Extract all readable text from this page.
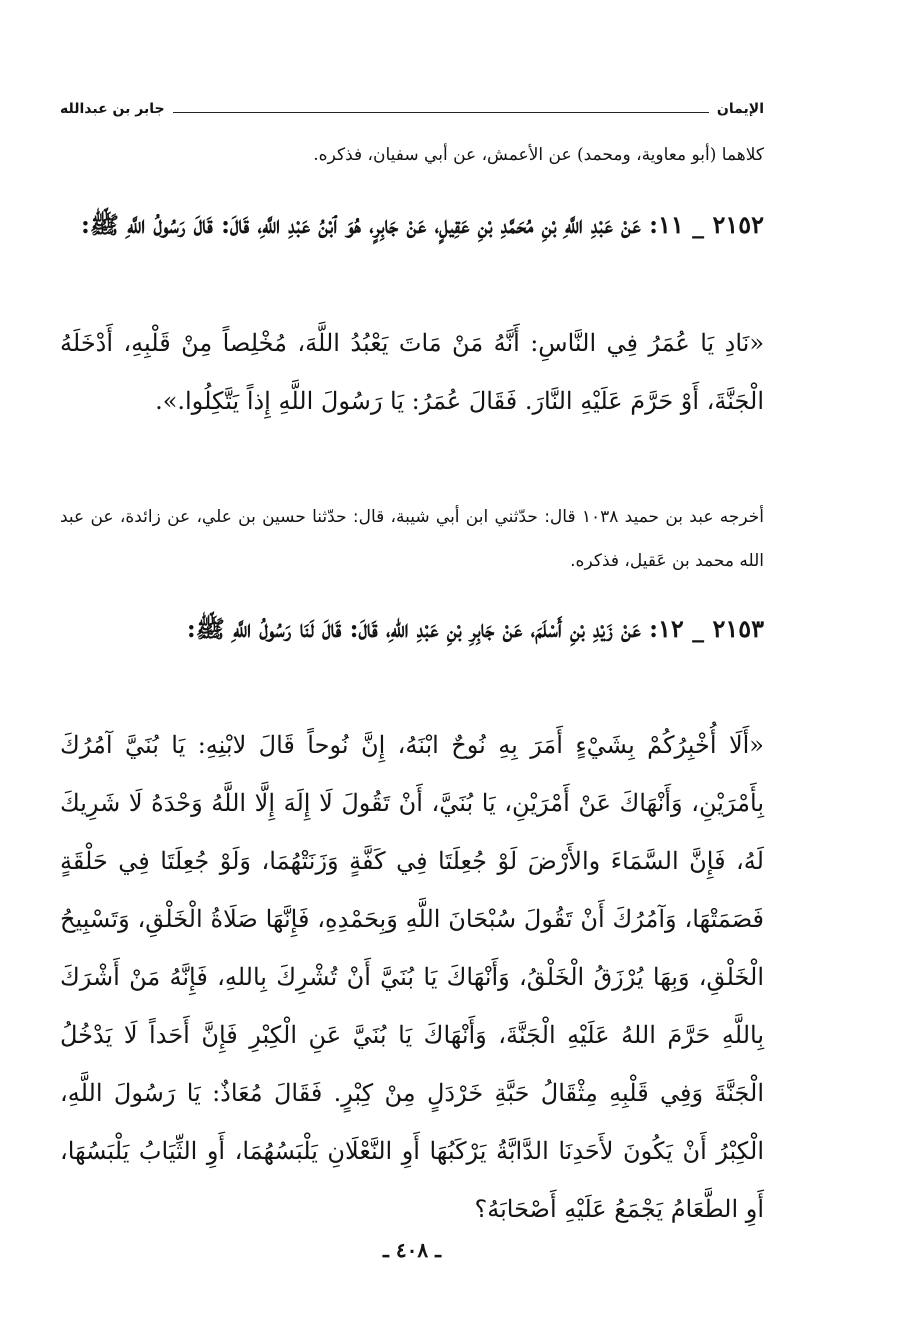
الإيمان
جابر بن عبدالله
كلاهما (أبو معاوية، ومحمد) عن الأعمش، عن أبي سفيان، فذكره.
٢١٥٢ _ ١١: عَنْ عَبْدِ اللَّهِ بْنِ مُحَمَّدِ بْنِ عَقِيلٍ، عَنْ جَابِرٍ، هُوَ ٱبْنُ عَبْدِ اللَّهِ، قَالَ: قَالَ رَسُولُ اللَّهِ ﷺ:
«نَادِ يَا عُمَرُ فِي النَّاسِ: أَنَّهُ مَنْ مَاتَ يَعْبُدُ اللَّهَ، مُخْلِصاً مِنْ قَلْبِهِ، أَدْخَلَهُ الْجَنَّةَ، أَوْ حَرَّمَ عَلَيْهِ النَّارَ. فَقَالَ عُمَرُ: يَا رَسُولَ اللَّهِ إِذاً يَتَّكِلُوا.».
أخرجه عبد بن حميد ١٠٣٨ قال: حدّثني ابن أبي شيبة، قال: حدّثنا حسين بن علي، عن زائدة، عن عبد الله محمد بن عَقيل، فذكره.
٢١٥٣ _ ١٢: عَنْ زَيْدِ بْنِ أَسْلَمَ، عَنْ جَابِرِ بْنِ عَبْدِ اللهِ، قَالَ: قَالَ لَنَا رَسُولُ اللَّهِ ﷺ:
«أَلَا أُخْبِرُكُمْ بِشَيْءٍ أَمَرَ بِهِ نُوحٌ ابْنَهُ، إِنَّ نُوحاً قَالَ لابْنِهِ: يَا بُنَيَّ آمُرُكَ بِأَمْرَيْنِ، وَأَنْهَاكَ عَنْ أَمْرَيْنِ، يَا بُنَيَّ، أَنْ تَقُولَ لَا إِلَهَ إِلَّا اللَّهُ وَحْدَهُ لَا شَرِيكَ لَهُ، فَإِنَّ السَّمَاءَ والأَرْضَ لَوْ جُعِلَتَا فِي كَفَّةٍ وَزَنَتْهُمَا، وَلَوْ جُعِلَتَا فِي حَلْقَةٍ فَصَمَتْهَا، وَآمُرُكَ أَنْ تَقُولَ سُبْحَانَ اللَّهِ وَبِحَمْدِهِ، فَإِنَّهَا صَلَاةُ الْخَلْقِ، وَتَسْبِيحُ الْخَلْقِ، وَبِهَا يُرْزَقُ الْخَلْقُ، وَأَنْهَاكَ يَا بُنَيَّ أَنْ تُشْرِكَ بِاللهِ، فَإِنَّهُ مَنْ أَشْرَكَ بِاللَّهِ حَرَّمَ اللهُ عَلَيْهِ الْجَنَّةَ، وَأَنْهَاكَ يَا بُنَيَّ عَنِ الْكِبْرِ فَإِنَّ أَحَداً لَا يَدْخُلُ الْجَنَّةَ وَفِي قَلْبِهِ مِثْقَالُ حَبَّةِ خَرْدَلٍ مِنْ كِبْرٍ. فَقَالَ مُعَاذٌ: يَا رَسُولَ اللَّهِ، الْكِبْرُ أَنْ يَكُونَ لأَحَدِنَا الدَّابَّةُ يَرْكَبُهَا أَوِ النَّعْلَانِ يَلْبَسُهُمَا، أَوِ الثِّيَابُ يَلْبَسُهَا، أَوِ الطَّعَامُ يَجْمَعُ عَلَيْهِ أَصْحَابَهُ؟
ـ ٤٠٨ ـ
